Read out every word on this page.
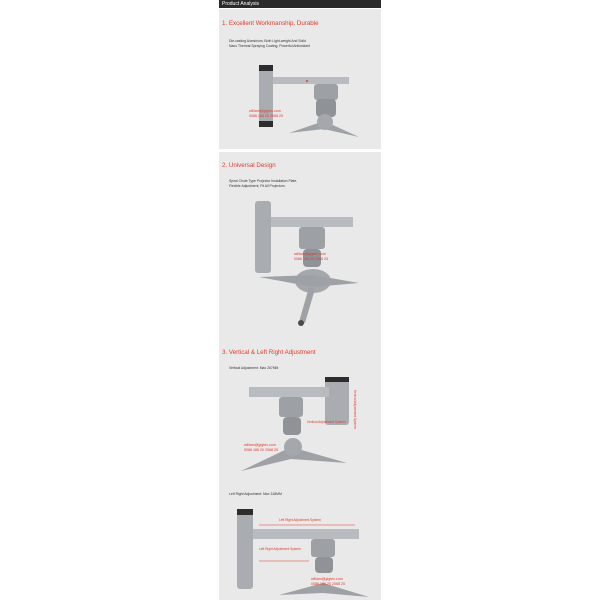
Product Analysis
1. Excellent Workmanship, Durable
Die-casting Aluminium, Both Light-weight And Solid
Nano Thermal Spraying Coating, Powerful Antioxidant
william@gigtec.com
0086 186 20 2068 25
2. Universal Design
Spiral Chute Type Projector Installation Plate,
Flexible Adjustment, Fit All Projectors
william@gigtec.com
0086 186 20 2068 25
3. Vertical & Left Right Adjustment
Vertical Adjustment: Max 267MM
Vertical Adjustment System
Vertical Adjustment System
william@gigtec.com
0086 186 20 2068 25
Left Right Adjustment: Max 318MM
Left Right Adjustment System
Left Right Adjustment System
william@gigtec.com
0086 186 20 2068 25
